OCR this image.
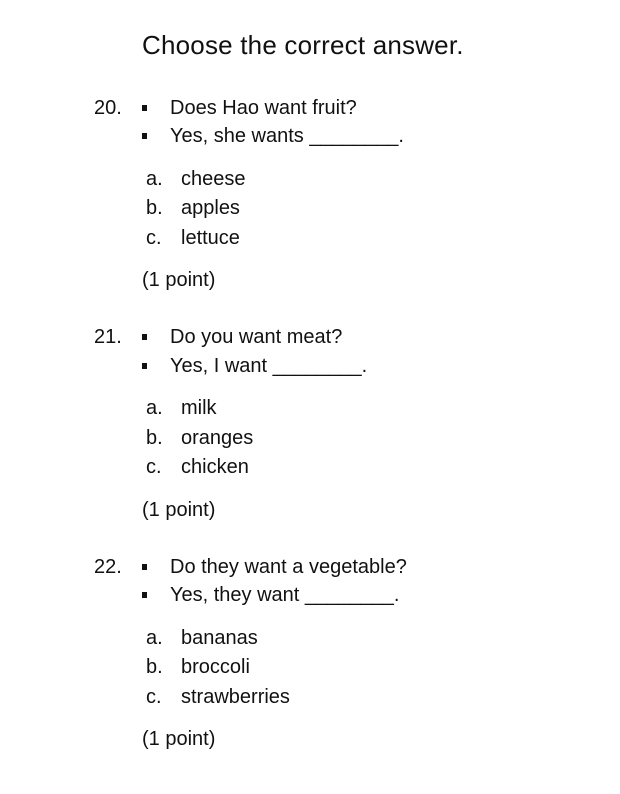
Choose the correct answer.
20. Does Hao want fruit?
Yes, she wants ________.
a. cheese
b. apples
c. lettuce
(1 point)
21. Do you want meat?
Yes, I want ________.
a. milk
b. oranges
c. chicken
(1 point)
22. Do they want a vegetable?
Yes, they want ________.
a. bananas
b. broccoli
c. strawberries
(1 point)
